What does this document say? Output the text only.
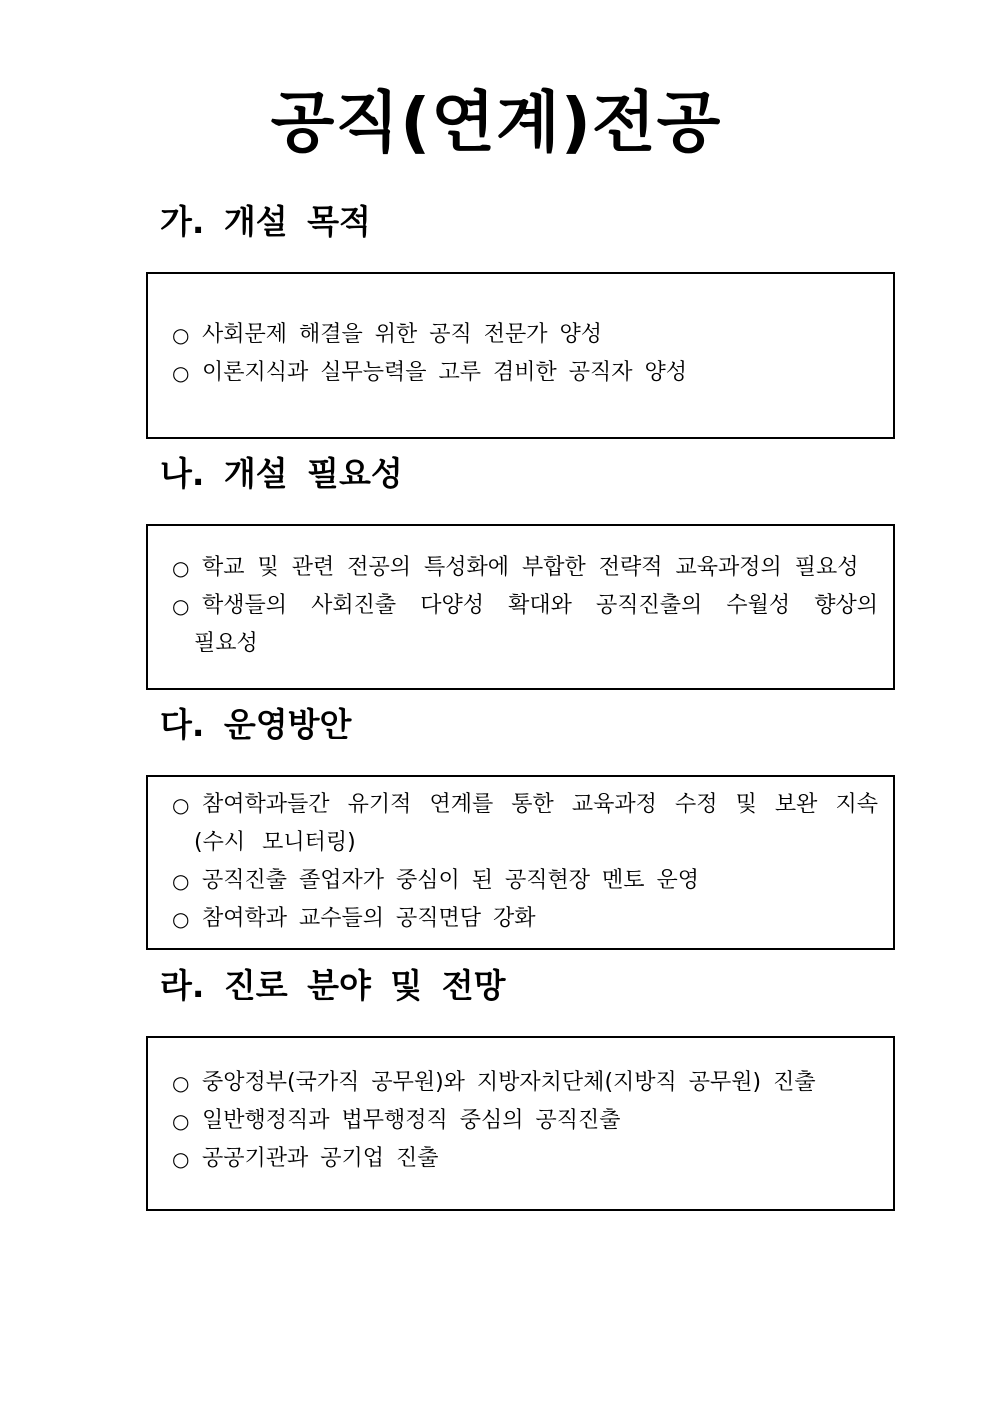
공직(연계)전공
가. 개설 목적
○ 사회문제 해결을 위한 공직 전문가 양성
○ 이론지식과 실무능력을 고루 겸비한 공직자 양성
나. 개설 필요성
○ 학교 및 관련 전공의 특성화에 부합한 전략적 교육과정의 필요성
○ 학생들의 사회진출 다양성 확대와 공직진출의 수월성 향상의 필요성
다. 운영방안
○ 참여학과들간 유기적 연계를 통한 교육과정 수정 및 보완 지속 (수시 모니터링)
○ 공직진출 졸업자가 중심이 된 공직현장 멘토 운영
○ 참여학과 교수들의 공직면담 강화
라. 진로 분야 및 전망
○ 중앙정부(국가직 공무원)와 지방자치단체(지방직 공무원) 진출
○ 일반행정직과 법무행정직 중심의 공직진출
○ 공공기관과 공기업 진출
